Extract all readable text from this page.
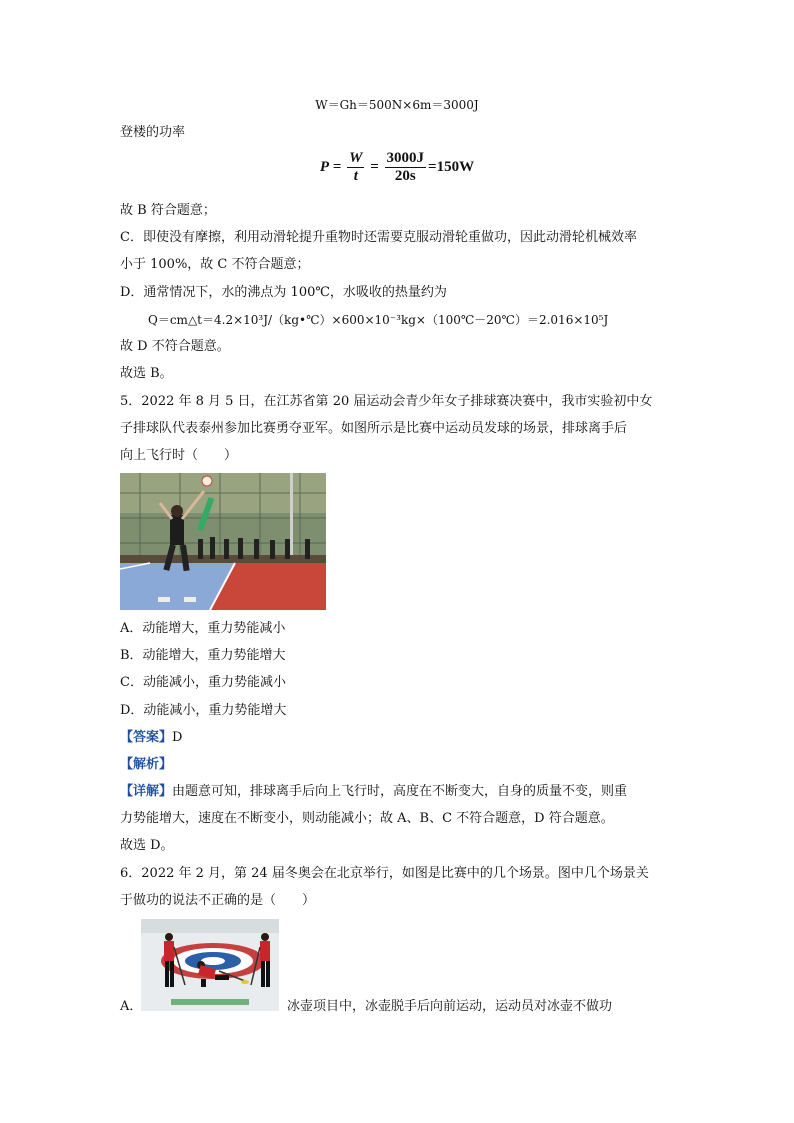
W＝Gh＝500N×6m＝3000J
登楼的功率
$P = \frac{W}{t} = \frac{3000J}{20s} =150W$
故 B 符合题意；
C．即使没有摩擦，利用动滑轮提升重物时还需要克服动滑轮重做功，因此动滑轮机械效率
小于 100%，故 C 不符合题意；
D．通常情况下，水的沸点为 100℃，水吸收的热量约为
Q＝cm△t＝4.2×10³J/（kg•℃）×600×10⁻³kg×（100℃－20℃）＝2.016×10⁵J
故 D 不符合题意。
故选 B。
5．2022 年 8 月 5 日，在江苏省第 20 届运动会青少年女子排球赛决赛中，我市实验初中女
子排球队代表泰州参加比赛勇夺亚军。如图所示是比赛中运动员发球的场景，排球离手后
向上飞行时（　　）
A．动能增大，重力势能减小
B．动能增大，重力势能增大
C．动能减小，重力势能减小
D．动能减小，重力势能增大
【答案】D
【解析】
【详解】由题意可知，排球离手后向上飞行时，高度在不断变大，自身的质量不变，则重
力势能增大，速度在不断变小，则动能减小；故 A、B、C 不符合题意，D 符合题意。
故选 D。
6．2022 年 2 月，第 24 届冬奥会在北京举行，如图是比赛中的几个场景。图中几个场景关
于做功的说法不正确的是（　　）
A．	冰壶项目中，冰壶脱手后向前运动，运动员对冰壶不做功
